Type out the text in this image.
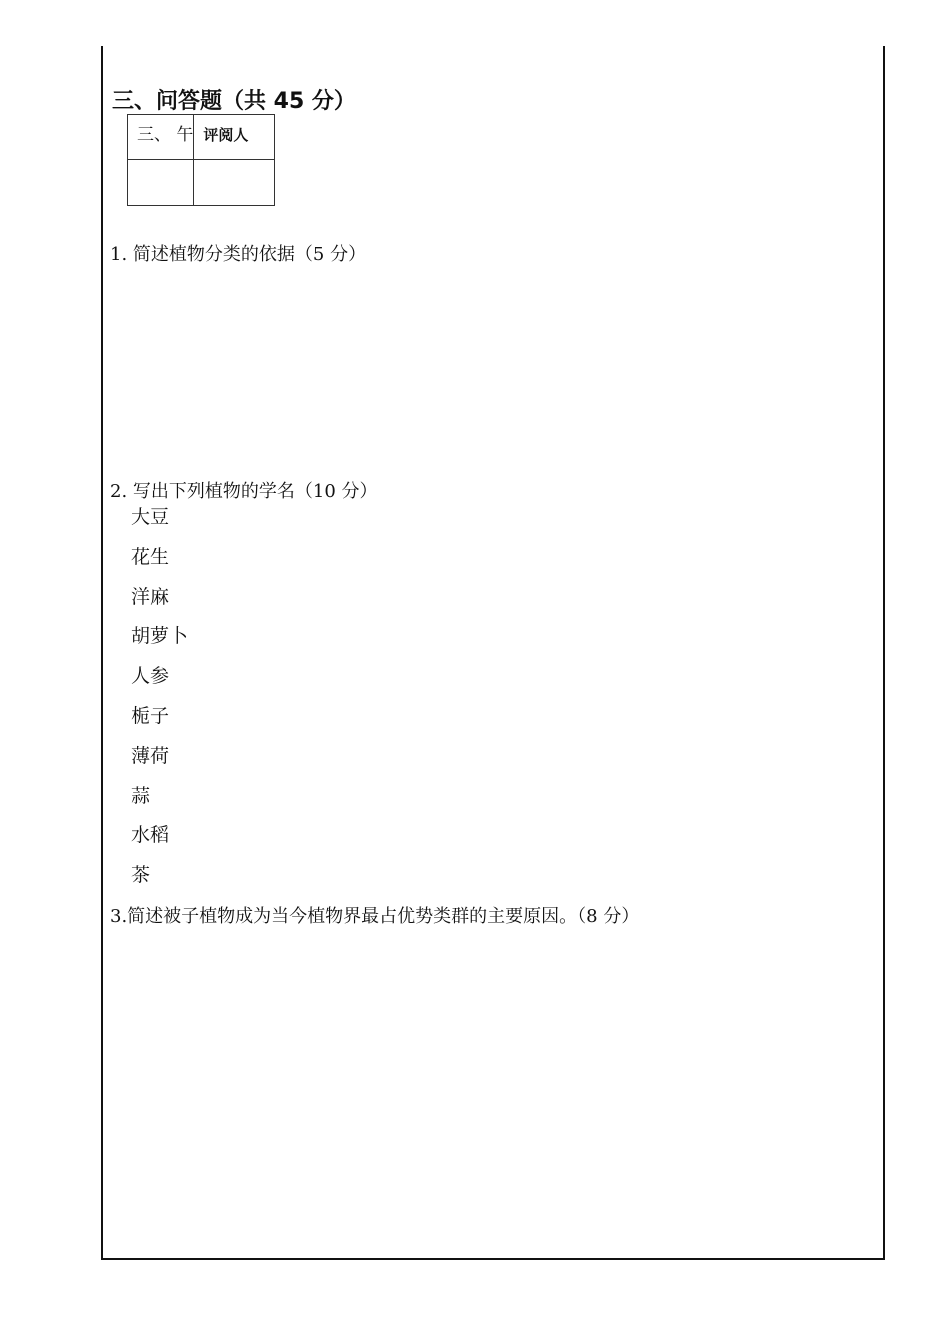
三、问答题（共 45 分）
三、 午	评阅人

1. 简述植物分类的依据（5 分）
2. 写出下列植物的学名（10 分）
大豆
花生
洋麻
胡萝卜
人参
栀子
薄荷
蒜
水稻
茶
3.简述被子植物成为当今植物界最占优势类群的主要原因。（8 分）
